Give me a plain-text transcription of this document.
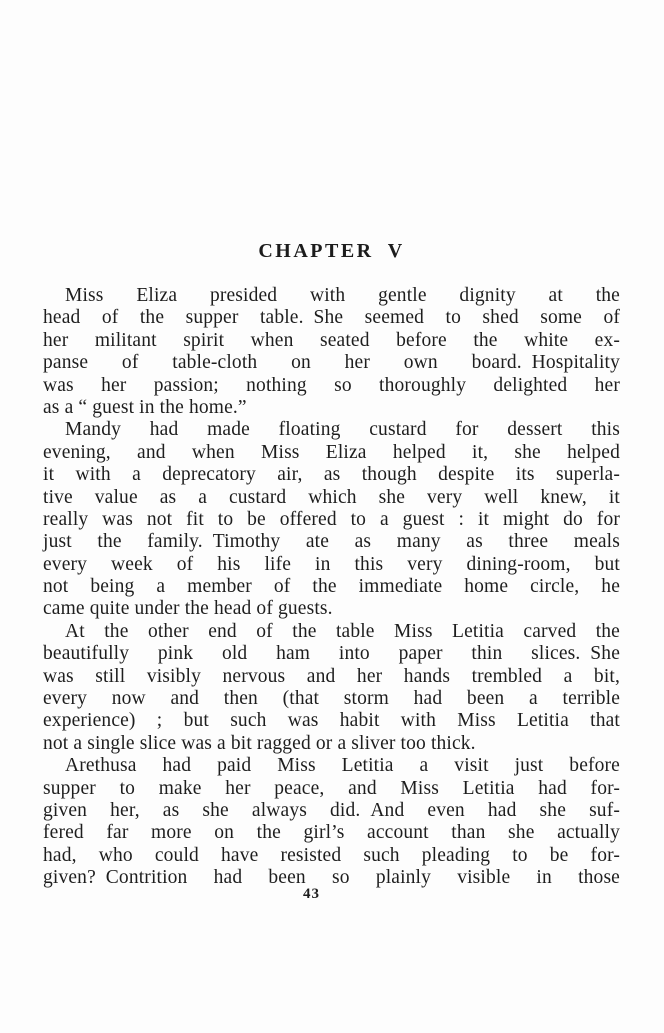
CHAPTER V
Miss Eliza presided with gentle dignity at the
head of the supper table. She seemed to shed some of
her militant spirit when seated before the white ex-
panse of table-cloth on her own board. Hospitality
was her passion; nothing so thoroughly delighted her
as a “ guest in the home.”
Mandy had made floating custard for dessert this
evening, and when Miss Eliza helped it, she helped
it with a deprecatory air, as though despite its superla-
tive value as a custard which she very well knew, it
really was not fit to be offered to a guest : it might do for
just the family. Timothy ate as many as three meals
every week of his life in this very dining-room, but
not being a member of the immediate home circle, he
came quite under the head of guests.
At the other end of the table Miss Letitia carved the
beautifully pink old ham into paper thin slices. She
was still visibly nervous and her hands trembled a bit,
every now and then (that storm had been a terrible
experience) ; but such was habit with Miss Letitia that
not a single slice was a bit ragged or a sliver too thick.
Arethusa had paid Miss Letitia a visit just before
supper to make her peace, and Miss Letitia had for-
given her, as she always did. And even had she suf-
fered far more on the girl’s account than she actually
had, who could have resisted such pleading to be for-
given? Contrition had been so plainly visible in those
43
